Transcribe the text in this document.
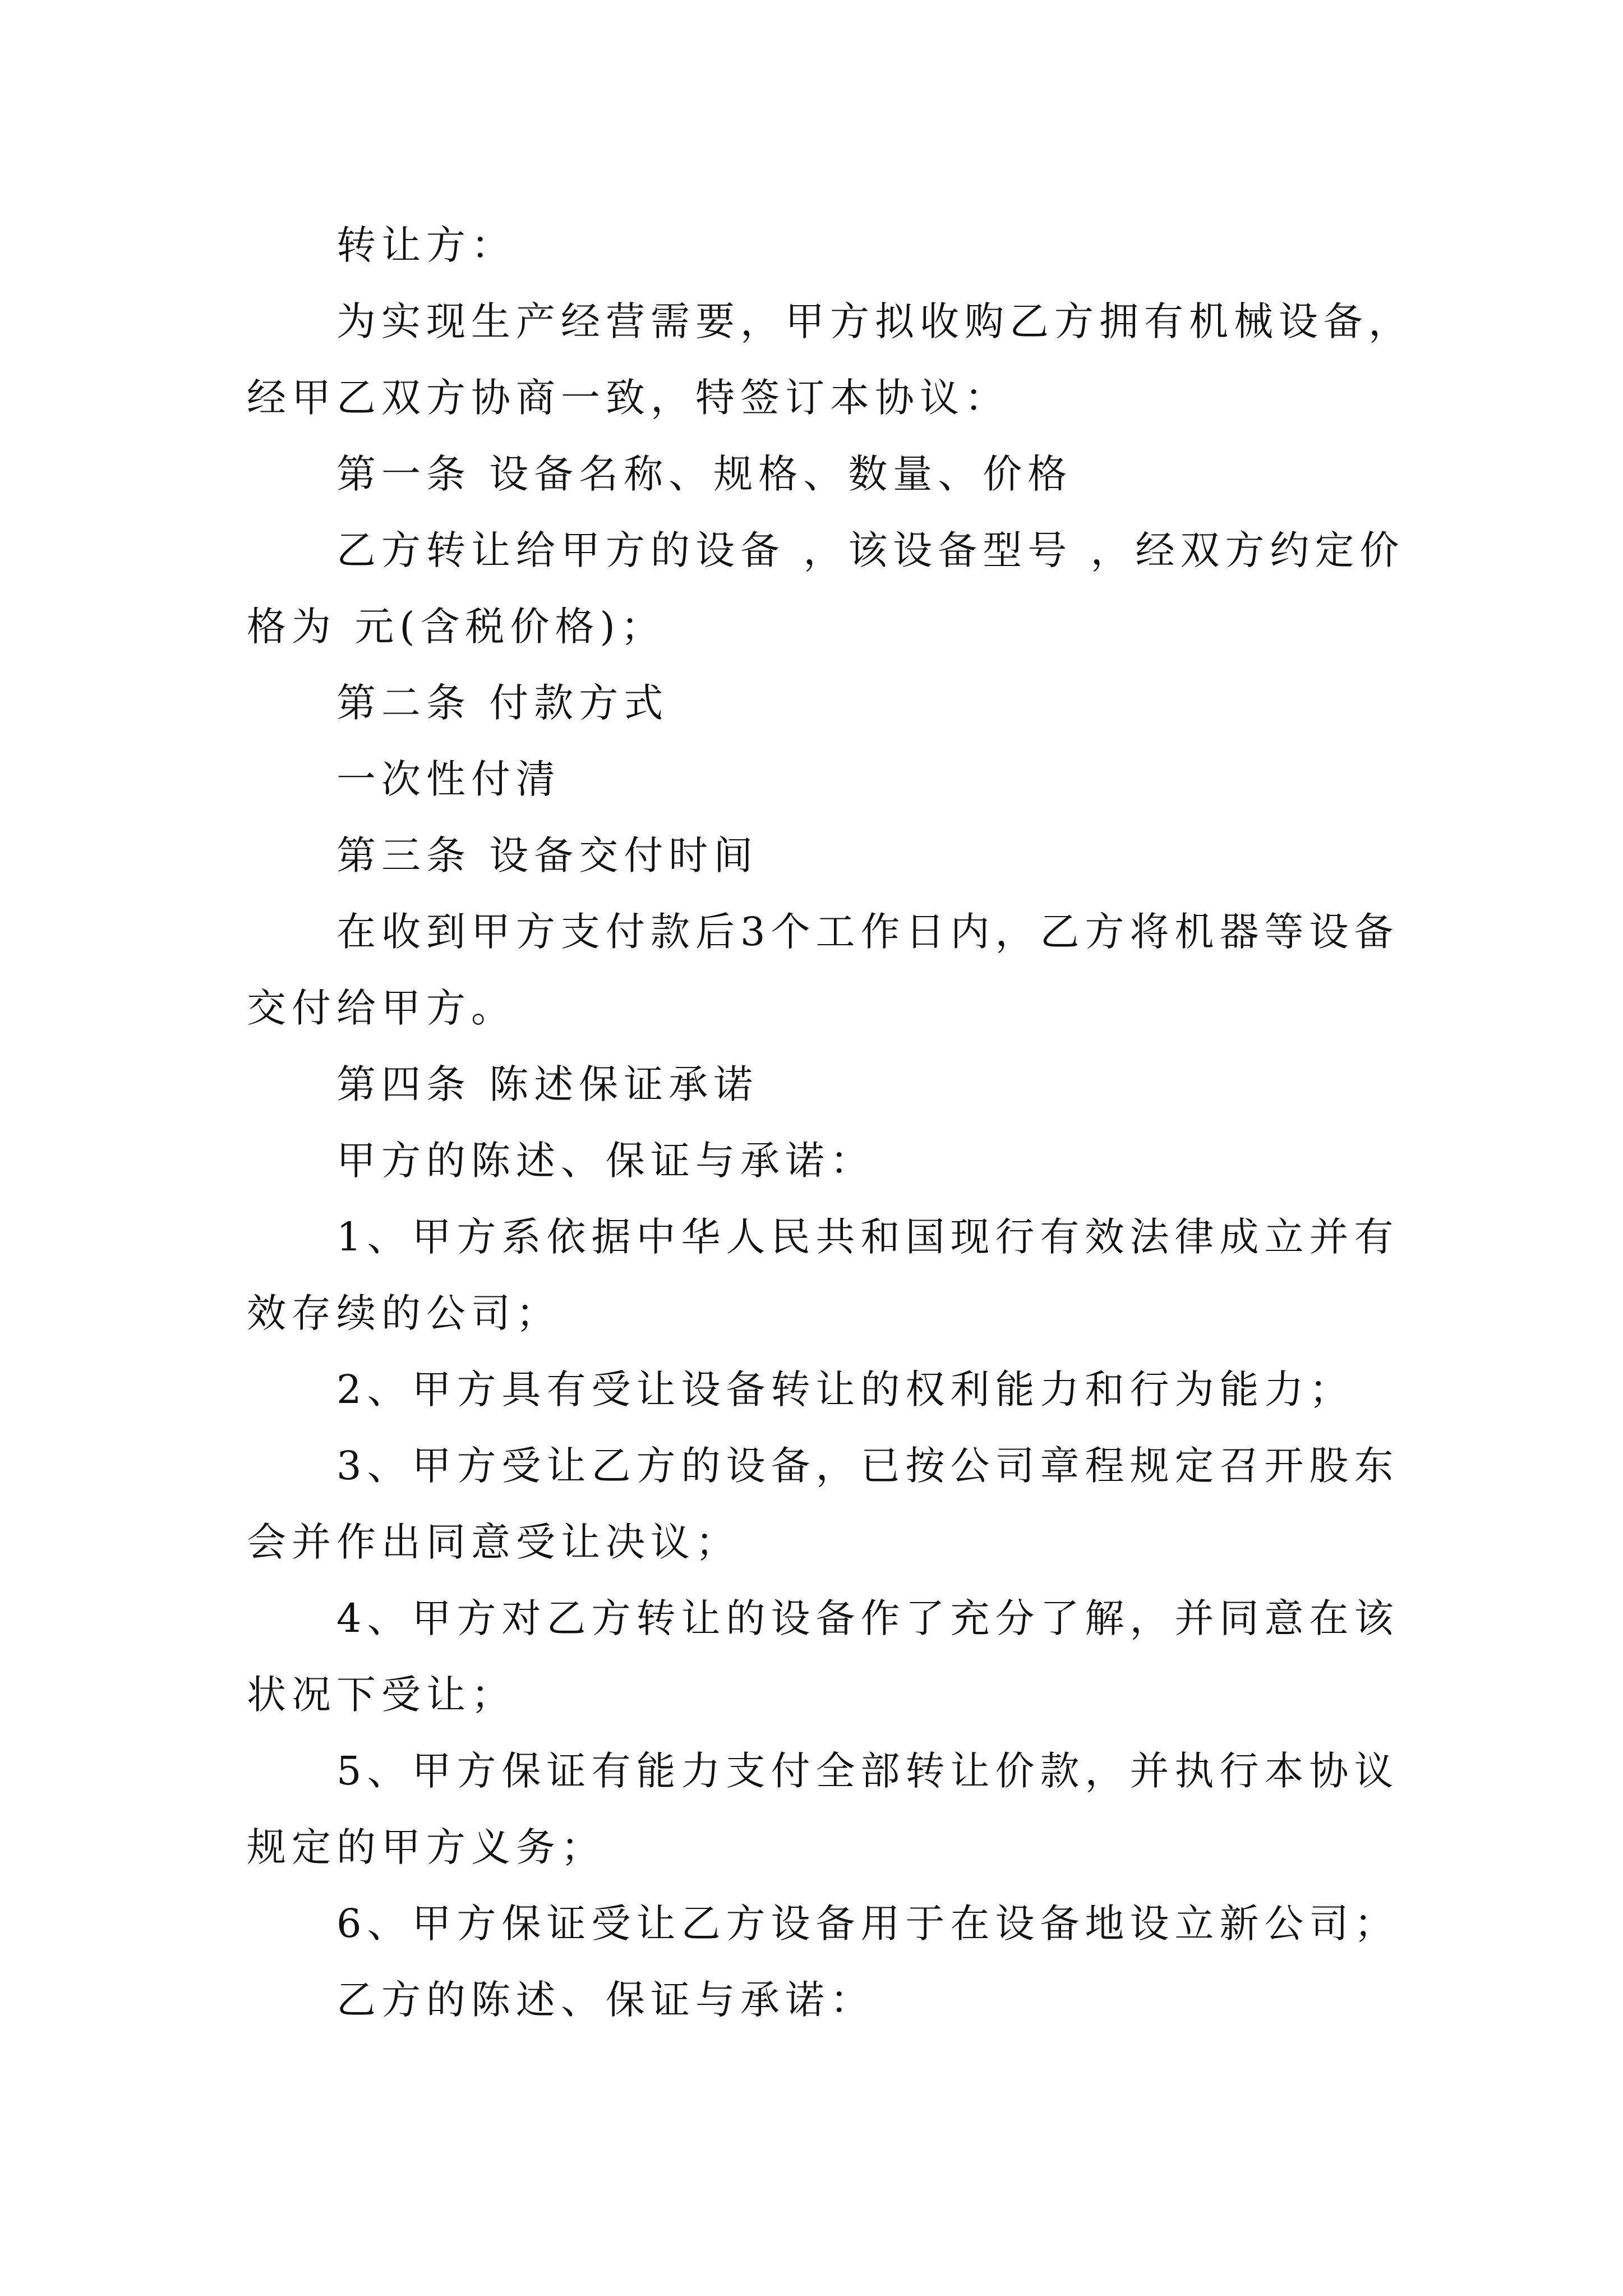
转让方：
为实现生产经营需要，甲方拟收购乙方拥有机械设备，
经甲乙双方协商一致，特签订本协议：
第一条 设备名称、规格、数量、价格
乙方转让给甲方的设备 ，该设备型号 ，经双方约定价
格为 元(含税价格)；
第二条 付款方式
一次性付清
第三条 设备交付时间
在收到甲方支付款后3个工作日内，乙方将机器等设备
交付给甲方。
第四条 陈述保证承诺
甲方的陈述、保证与承诺：
1、甲方系依据中华人民共和国现行有效法律成立并有
效存续的公司；
2、甲方具有受让设备转让的权利能力和行为能力；
3、甲方受让乙方的设备，已按公司章程规定召开股东
会并作出同意受让决议；
4、甲方对乙方转让的设备作了充分了解，并同意在该
状况下受让；
5、甲方保证有能力支付全部转让价款，并执行本协议
规定的甲方义务；
6、甲方保证受让乙方设备用于在设备地设立新公司；
乙方的陈述、保证与承诺：
